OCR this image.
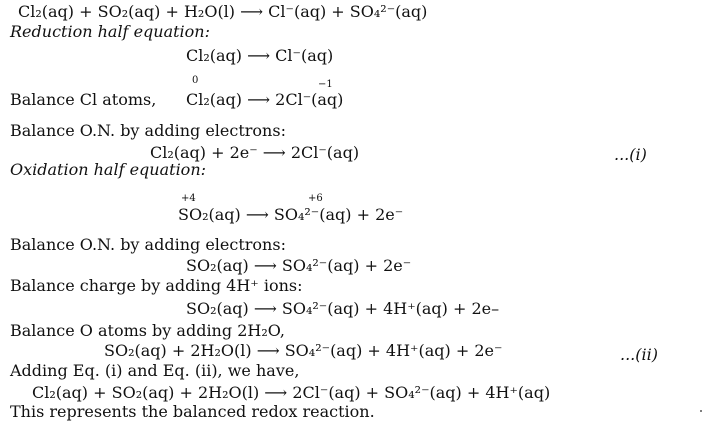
Cl₂(aq) + SO₂(aq) + H₂O(l) ⟶ Cl⁻(aq) + SO₄²⁻(aq)
Reduction half equation:
Cl₂(aq) ⟶ Cl⁻(aq)
0	−1
Balance Cl atoms, Cl₂(aq) ⟶ 2Cl⁻(aq)
Balance O.N. by adding electrons:
Cl₂(aq) + 2e⁻ ⟶ 2Cl⁻(aq)	...(i)
Oxidation half equation:
+4	+6
SO₂(aq) ⟶ SO₄²⁻(aq) + 2e⁻
Balance O.N. by adding electrons:
SO₂(aq) ⟶ SO₄²⁻(aq) + 2e⁻
Balance charge by adding 4H⁺ ions:
SO₂(aq) ⟶ SO₄²⁻(aq) + 4H⁺(aq) + 2e–
Balance O atoms by adding 2H₂O,
SO₂(aq) + 2H₂O(l) ⟶ SO₄²⁻(aq) + 4H⁺(aq) + 2e⁻	...(ii)
Adding Eq. (i) and Eq. (ii), we have,
Cl₂(aq) + SO₂(aq) + 2H₂O(l) ⟶ 2Cl⁻(aq) + SO₄²⁻(aq) + 4H⁺(aq)
This represents the balanced redox reaction.
